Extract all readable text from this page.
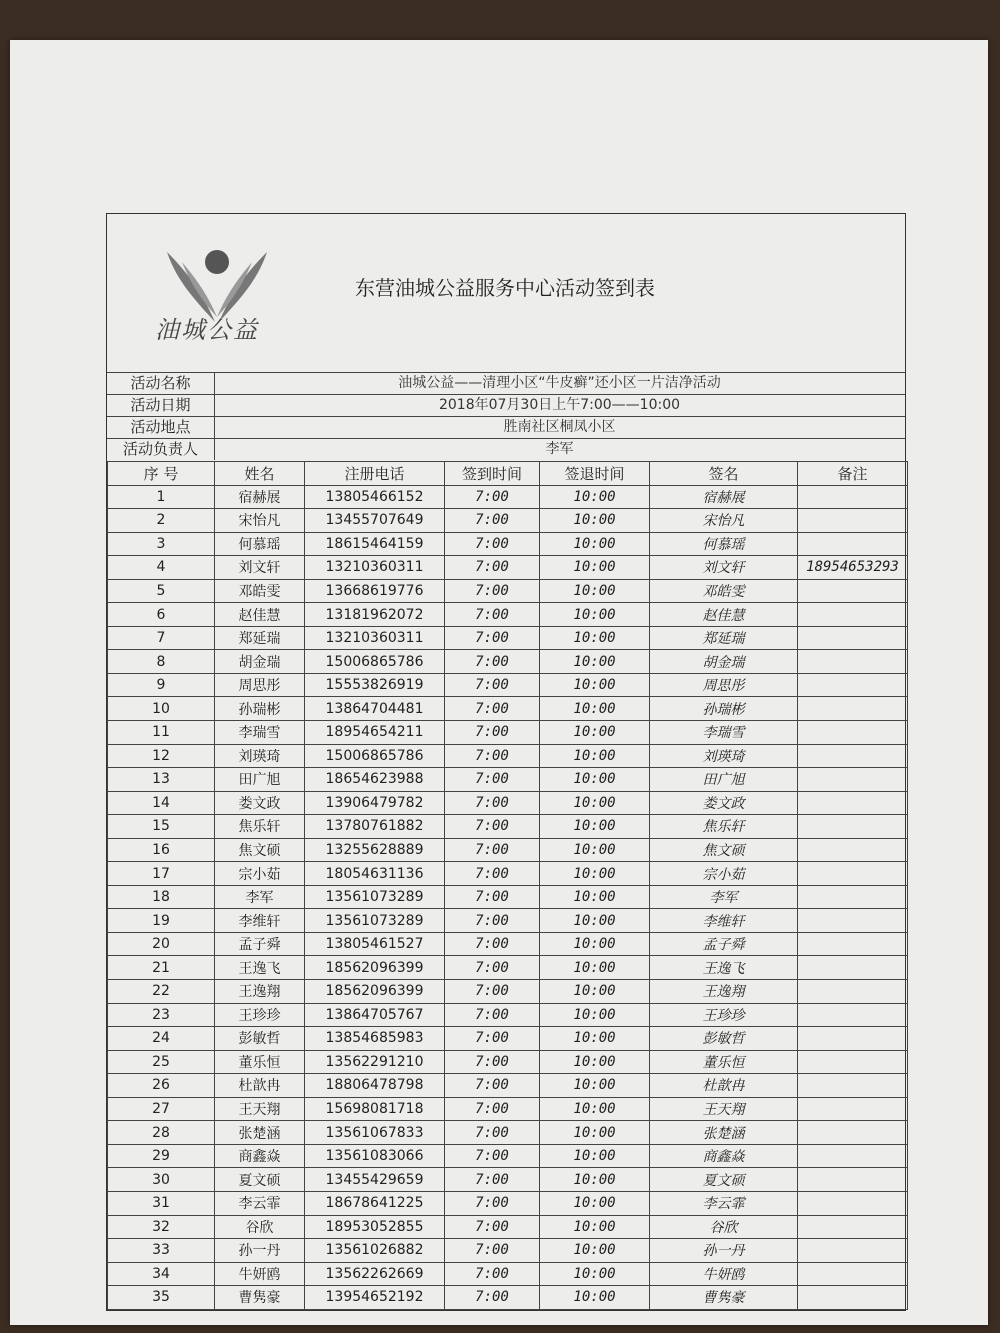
油城公益
东营油城公益服务中心活动签到表
活动名称	油城公益——清理小区“牛皮癣”还小区一片洁净活动
活动日期	2018年07月30日上午7:00——10:00
活动地点	胜南社区桐凤小区
活动负责人	李军
序 号	姓名	注册电话	签到时间	签退时间	签名	备注
1	宿赫展	13805466152	7:00	10:00	宿赫展	
2	宋怡凡	13455707649	7:00	10:00	宋怡凡	
3	何慕瑶	18615464159	7:00	10:00	何慕瑶	
4	刘文轩	13210360311	7:00	10:00	刘文轩	18954653293
5	邓皓雯	13668619776	7:00	10:00	邓皓雯	
6	赵佳慧	13181962072	7:00	10:00	赵佳慧	
7	郑延瑞	13210360311	7:00	10:00	郑延瑞	
8	胡金瑞	15006865786	7:00	10:00	胡金瑞	
9	周思彤	15553826919	7:00	10:00	周思彤	
10	孙瑞彬	13864704481	7:00	10:00	孙瑞彬	
11	李瑞雪	18954654211	7:00	10:00	李瑞雪	
12	刘瑛琦	15006865786	7:00	10:00	刘瑛琦	
13	田广旭	18654623988	7:00	10:00	田广旭	
14	娄文政	13906479782	7:00	10:00	娄文政	
15	焦乐轩	13780761882	7:00	10:00	焦乐轩	
16	焦文硕	13255628889	7:00	10:00	焦文硕	
17	宗小茹	18054631136	7:00	10:00	宗小茹	
18	李军	13561073289	7:00	10:00	李军	
19	李维轩	13561073289	7:00	10:00	李维轩	
20	孟子舜	13805461527	7:00	10:00	孟子舜	
21	王逸飞	18562096399	7:00	10:00	王逸飞	
22	王逸翔	18562096399	7:00	10:00	王逸翔	
23	王珍珍	13864705767	7:00	10:00	王珍珍	
24	彭敏哲	13854685983	7:00	10:00	彭敏哲	
25	董乐恒	13562291210	7:00	10:00	董乐恒	
26	杜歆冉	18806478798	7:00	10:00	杜歆冉	
27	王天翔	15698081718	7:00	10:00	王天翔	
28	张楚涵	13561067833	7:00	10:00	张楚涵	
29	商鑫焱	13561083066	7:00	10:00	商鑫焱	
30	夏文硕	13455429659	7:00	10:00	夏文硕	
31	李云霏	18678641225	7:00	10:00	李云霏	
32	谷欣	18953052855	7:00	10:00	谷欣	
33	孙一丹	13561026882	7:00	10:00	孙一丹	
34	牛妍鸥	13562262669	7:00	10:00	牛妍鸥	
35	曹隽豪	13954652192	7:00	10:00	曹隽豪	
